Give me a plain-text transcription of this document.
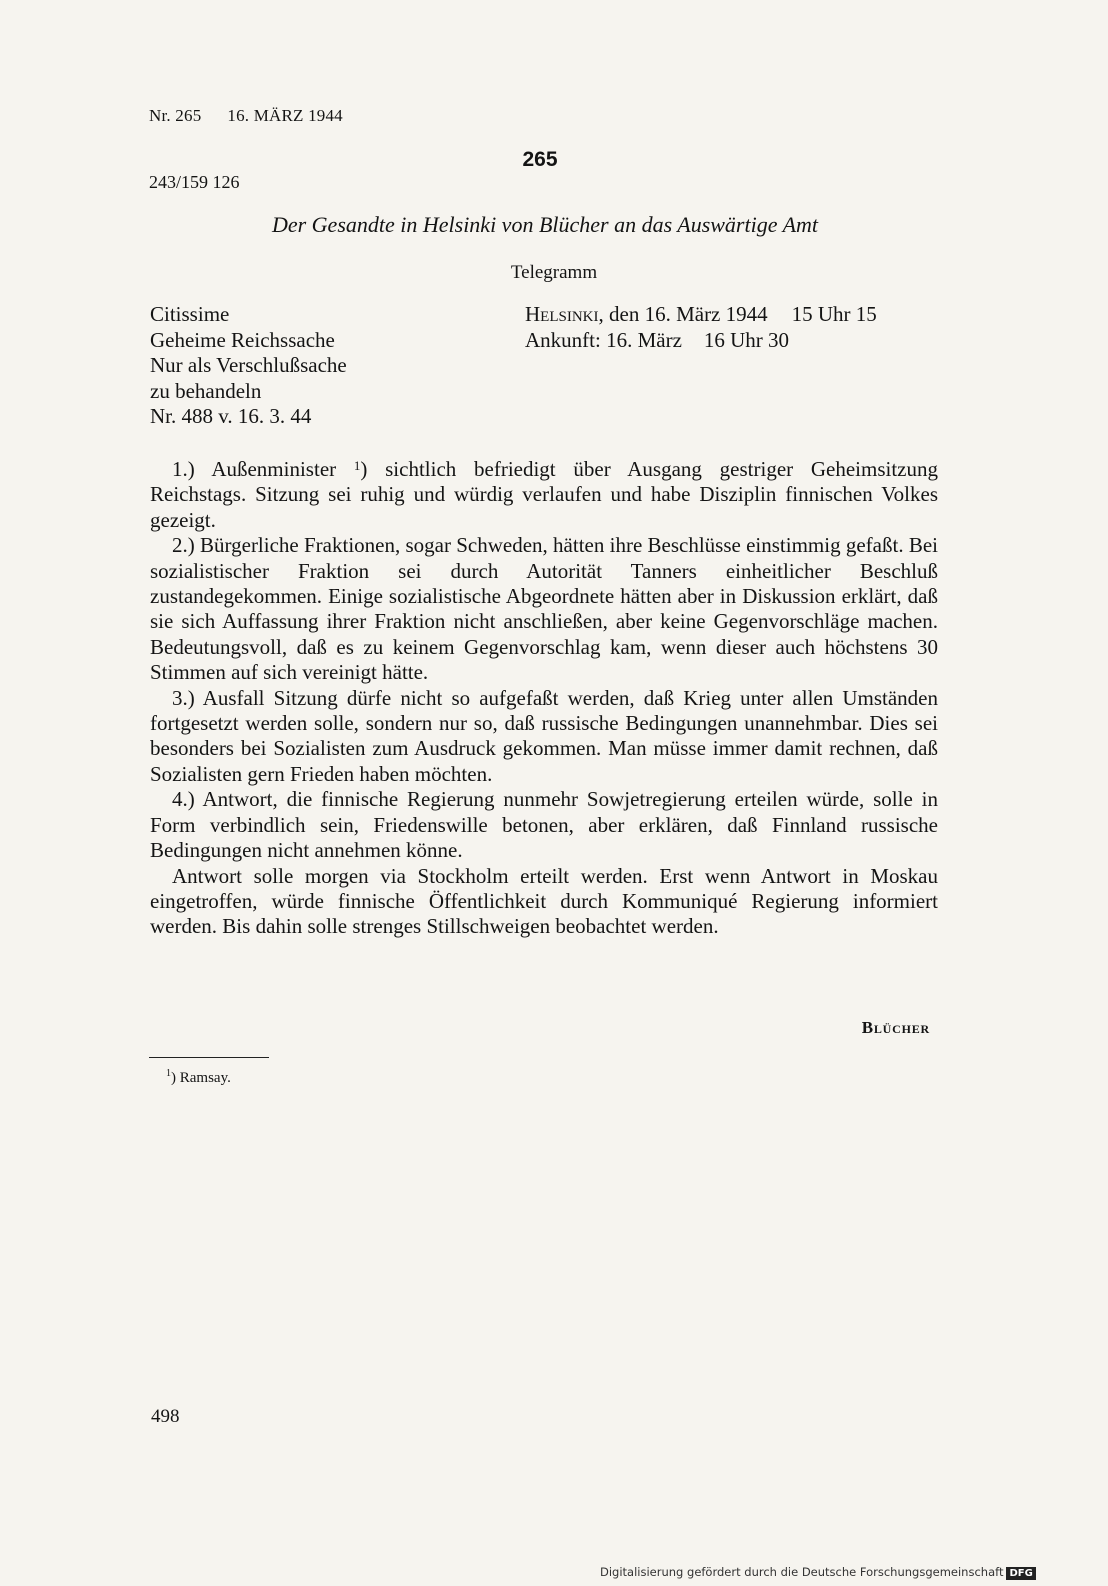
Nr. 265 16. MÄRZ 1944
265
243/159 126
Der Gesandte in Helsinki von Blücher an das Auswärtige Amt
Telegramm
Citissime
Geheime Reichssache
Nur als Verschlußsache
zu behandeln
Nr. 488 v. 16. 3. 44
Helsinki, den 16. März 1944 15 Uhr 15
Ankunft: 16. März 16 Uhr 30

1.) Außenminister $^1$) sichtlich befriedigt über Ausgang gestriger Geheimsitzung Reichstags. Sitzung sei ruhig und würdig verlaufen und habe Disziplin finnischen Volkes gezeigt.

2.) Bürgerliche Fraktionen, sogar Schweden, hätten ihre Beschlüsse einstimmig gefaßt. Bei sozialistischer Fraktion sei durch Autorität Tanners einheitlicher Beschluß zustandegekommen. Einige sozialistische Abgeordnete hätten aber in Diskussion erklärt, daß sie sich Auffassung ihrer Fraktion nicht anschließen, aber keine Gegenvorschläge machen. Bedeutungsvoll, daß es zu keinem Gegenvorschlag kam, wenn dieser auch höchstens 30 Stimmen auf sich vereinigt hätte.

3.) Ausfall Sitzung dürfe nicht so aufgefaßt werden, daß Krieg unter allen Umständen fortgesetzt werden solle, sondern nur so, daß russische Bedingungen unannehmbar. Dies sei besonders bei Sozialisten zum Ausdruck gekommen. Man müsse immer damit rechnen, daß Sozialisten gern Frieden haben möchten.

4.) Antwort, die finnische Regierung nunmehr Sowjetregierung erteilen würde, solle in Form verbindlich sein, Friedenswille betonen, aber erklären, daß Finnland russische Bedingungen nicht annehmen könne.

Antwort solle morgen via Stockholm erteilt werden. Erst wenn Antwort in Moskau eingetroffen, würde finnische Öffentlichkeit durch Kommuniqué Regierung informiert werden. Bis dahin solle strenges Stillschweigen beobachtet werden.

Blücher
$^1$) Ramsay.
498
Digitalisierung gefördert durch die Deutsche Forschungsgemeinschaft DFG
